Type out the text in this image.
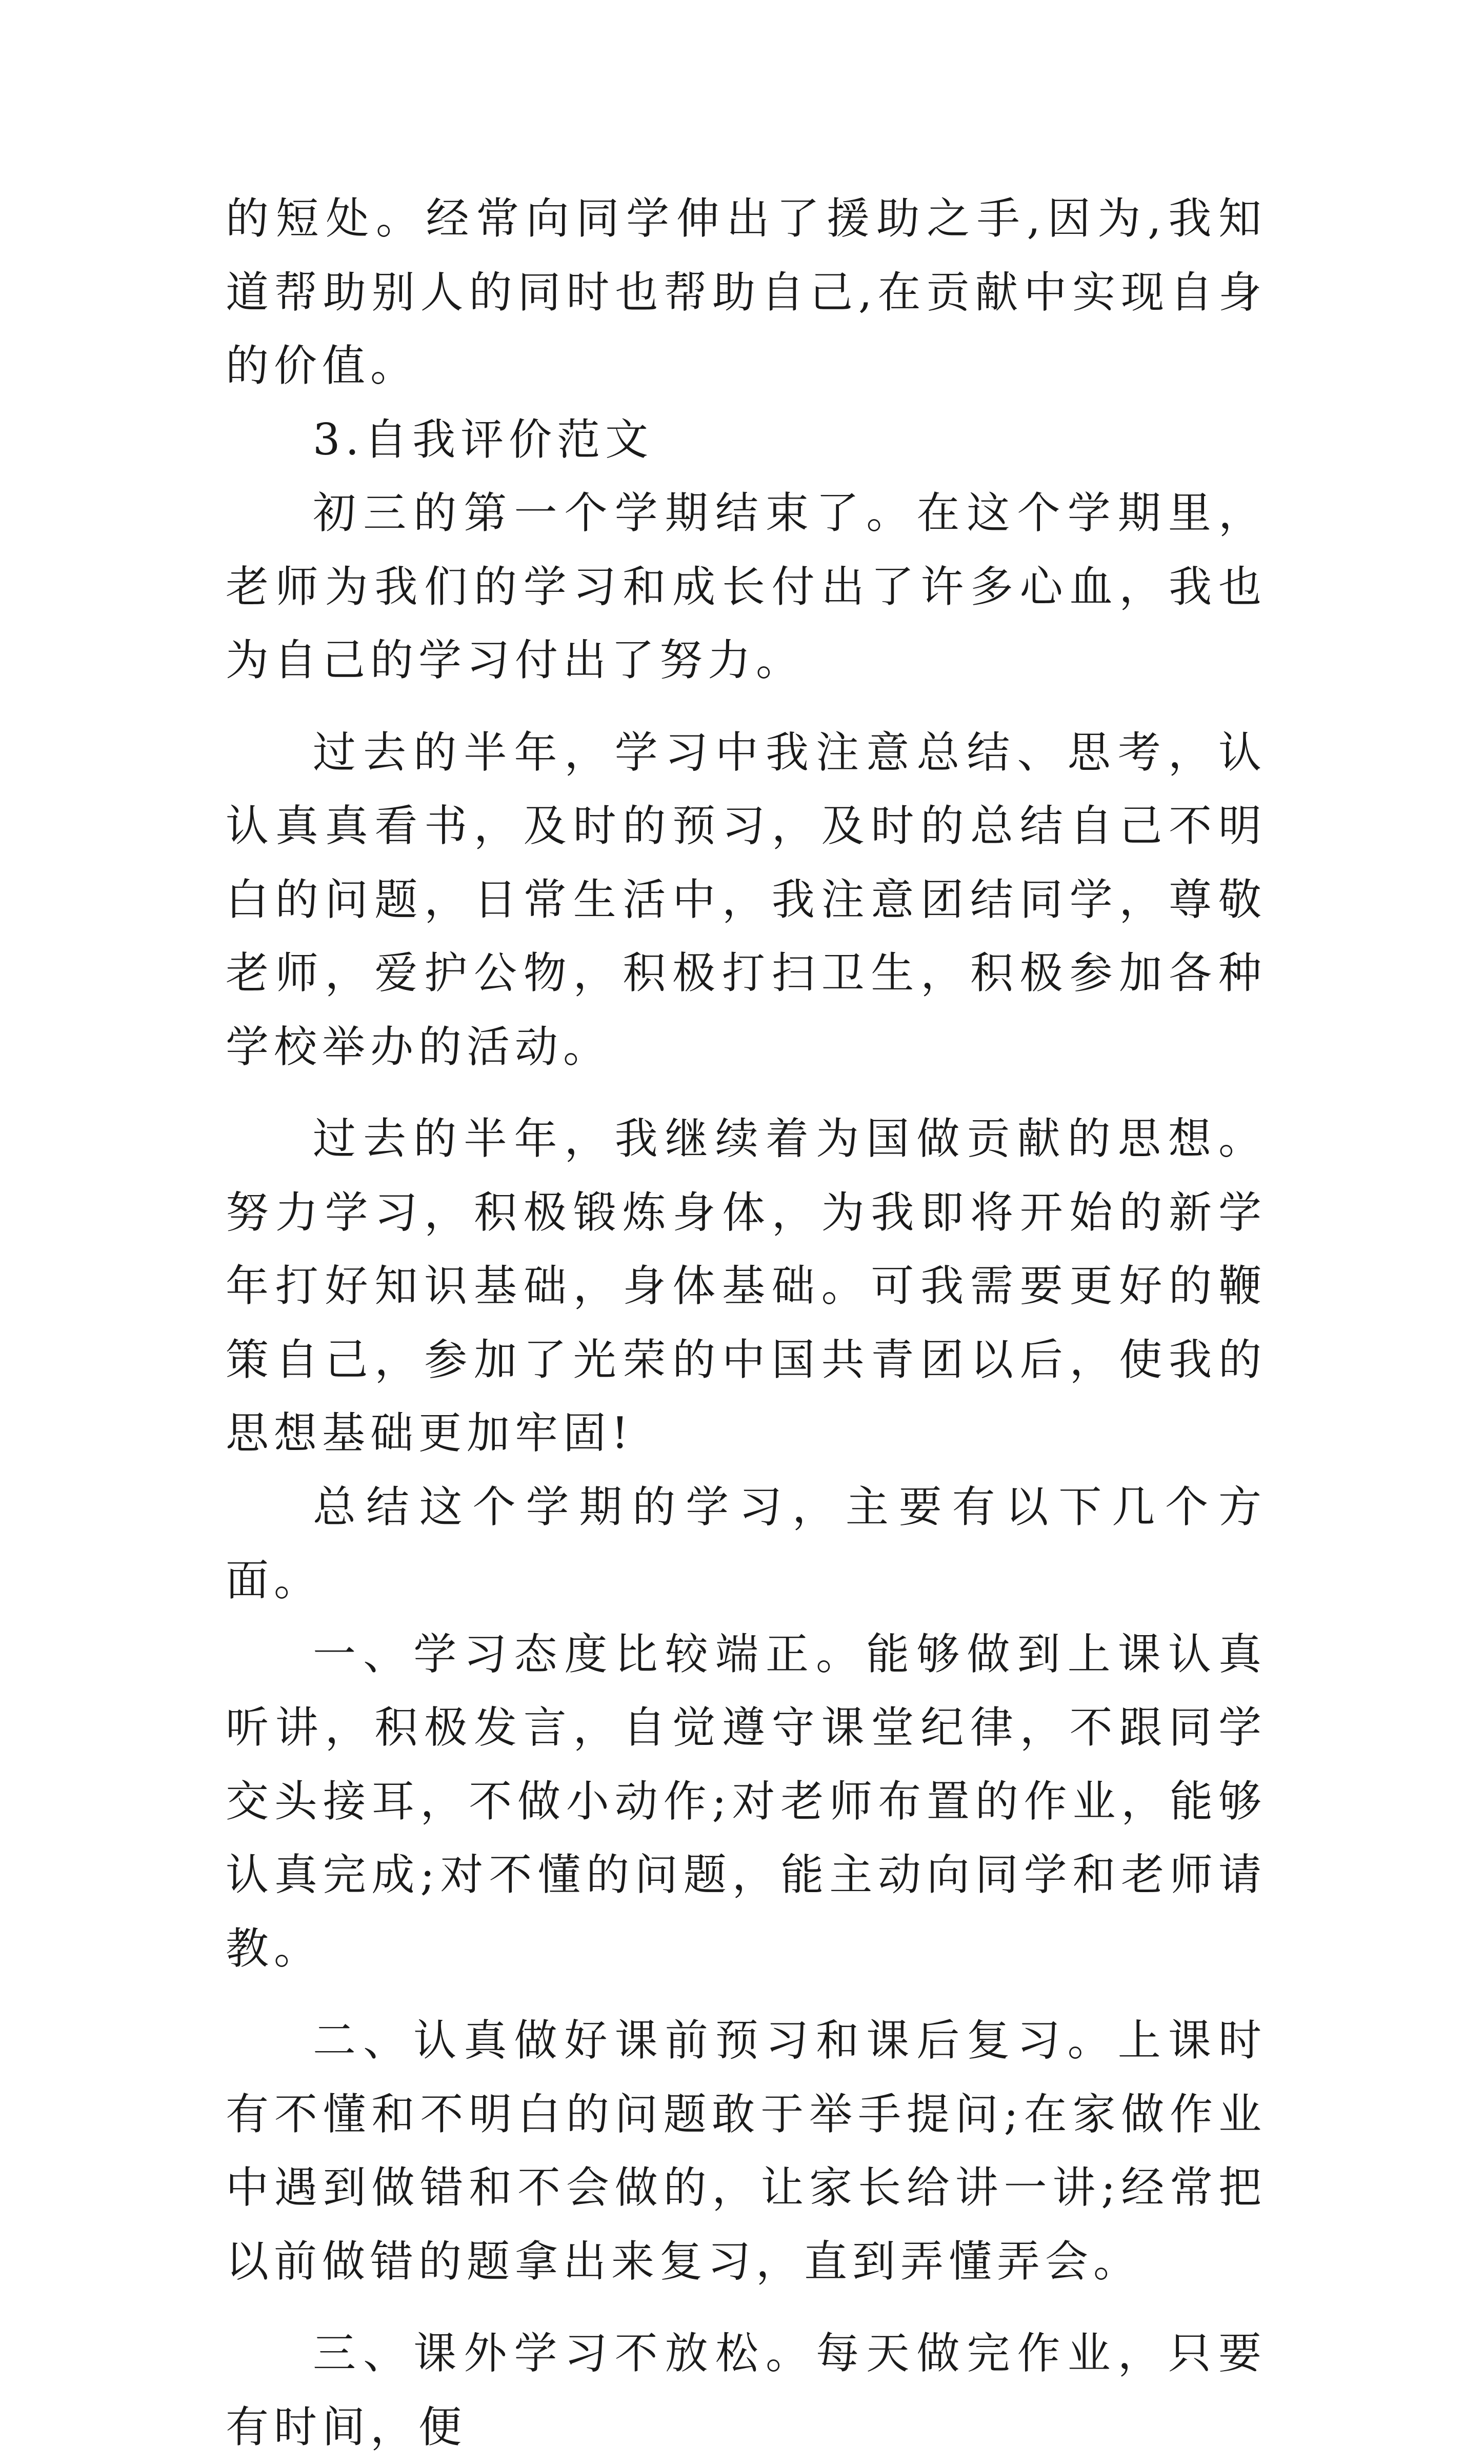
的短处。经常向同学伸出了援助之手,因为,我知道帮助别人的同时也帮助自己,在贡献中实现自身的价值。

3.自我评价范文

初三的第一个学期结束了。在这个学期里，老师为我们的学习和成长付出了许多心血，我也为自己的学习付出了努力。

过去的半年，学习中我注意总结、思考，认认真真看书，及时的预习，及时的总结自己不明白的问题，日常生活中，我注意团结同学，尊敬老师，爱护公物，积极打扫卫生，积极参加各种学校举办的活动。

过去的半年，我继续着为国做贡献的思想。努力学习，积极锻炼身体，为我即将开始的新学年打好知识基础，身体基础。可我需要更好的鞭策自己，参加了光荣的中国共青团以后，使我的思想基础更加牢固!

总结这个学期的学习，主要有以下几个方面。

一、学习态度比较端正。能够做到上课认真听讲，积极发言，自觉遵守课堂纪律，不跟同学交头接耳，不做小动作;对老师布置的作业，能够认真完成;对不懂的问题，能主动向同学和老师请教。

二、认真做好课前预习和课后复习。上课时有不懂和不明白的问题敢于举手提问;在家做作业中遇到做错和不会做的，让家长给讲一讲;经常把以前做错的题拿出来复习，直到弄懂弄会。

三、课外学习不放松。每天做完作业，只要有时间，便
